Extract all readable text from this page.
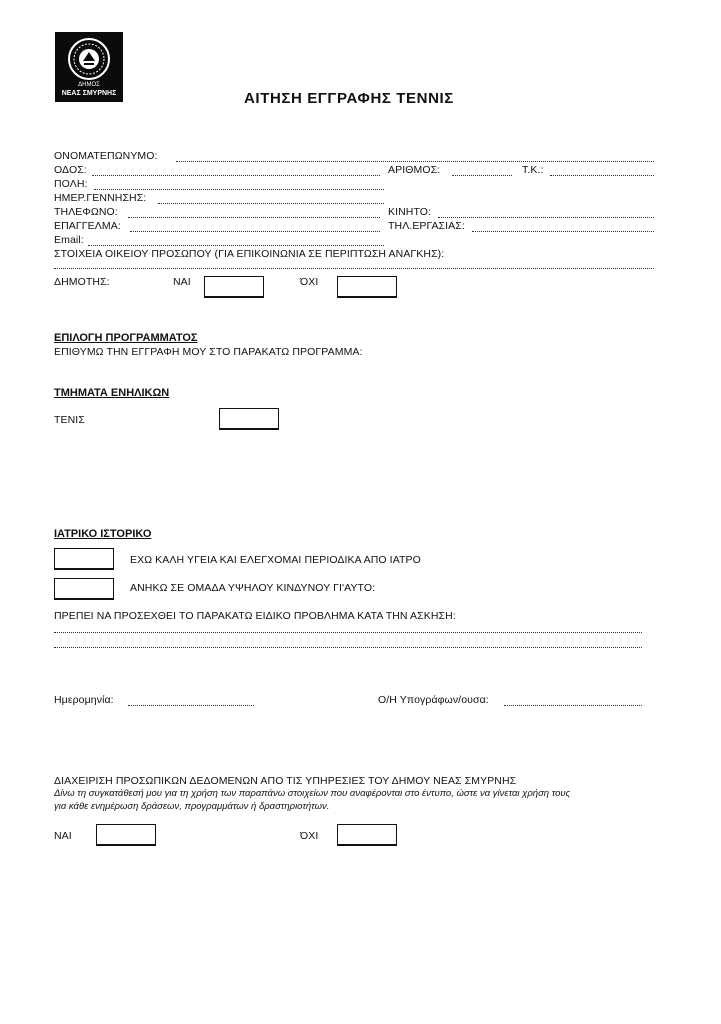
ΔΗΜΟΣ
ΝΕΑΣ ΣΜΥΡΝΗΣ	ΑΙΤΗΣΗ ΕΓΓΡΑΦΗΣ ΤΕΝΝΙΣ
ΟΝΟΜΑΤΕΠΩΝΥΜΟ:
ΟΔΟΣ:	ΑΡΙΘΜΟΣ:	Τ.Κ.:
ΠΟΛΗ:
ΗΜΕΡ.ΓΕΝΝΗΣΗΣ:
ΤΗΛΕΦΩΝΟ:	ΚΙΝΗΤΟ:
ΕΠΑΓΓΕΛΜΑ:	ΤΗΛ.ΕΡΓΑΣΙΑΣ:
Email:
ΣΤΟΙΧΕΙΑ ΟΙΚΕΙΟΥ ΠΡΟΣΩΠΟΥ (ΓΙΑ ΕΠΙΚΟΙΝΩΝΙΑ ΣΕ ΠΕΡΙΠΤΩΣΗ ΑΝΑΓΚΗΣ):
ΔΗΜΟΤΗΣ:	ΝΑΙ	ΌΧΙ
ΕΠΙΛΟΓΗ ΠΡΟΓΡΑΜΜΑΤΟΣ
ΕΠΙΘΥΜΩ ΤΗΝ ΕΓΓΡΑΦΗ ΜΟΥ ΣΤΟ ΠΑΡΑΚΑΤΩ ΠΡΟΓΡΑΜΜΑ:
ΤΜΗΜΑΤΑ ΕΝΗΛΙΚΩΝ
ΤΕΝΙΣ
ΙΑΤΡΙΚΟ ΙΣΤΟΡΙΚΟ
ΕΧΩ ΚΑΛΗ ΥΓΕΙΑ ΚΑΙ ΕΛΕΓΧΟΜΑΙ ΠΕΡΙΟΔΙΚΑ ΑΠΟ ΙΑΤΡΟ
ΑΝΗΚΩ ΣΕ ΟΜΑΔΑ ΥΨΗΛΟΥ ΚΙΝΔΥΝΟΥ ΓΙ'ΑΥΤΟ:
ΠΡΕΠΕΙ ΝΑ ΠΡΟΣΕΧΘΕΙ ΤΟ ΠΑΡΑΚΑΤΩ ΕΙΔΙΚΟ ΠΡΟΒΛΗΜΑ ΚΑΤΑ ΤΗΝ ΑΣΚΗΣΗ:
Ημερομηνία:	Ο/Η Υπογράφων/ουσα:
ΔΙΑΧΕΙΡΙΣΗ ΠΡΟΣΩΠΙΚΩΝ ΔΕΔΟΜΕΝΩΝ ΑΠΟ ΤΙΣ ΥΠΗΡΕΣΙΕΣ ΤΟΥ ΔΗΜΟΥ ΝΕΑΣ ΣΜΥΡΝΗΣ
Δίνω τη συγκατάθεσή μου για τη χρήση των παραπάνω στοιχείων που αναφέρονται στο έντυπο, ώστε να γίνεται χρήση τους
για κάθε ενημέρωση δράσεων, προγραμμάτων ή δραστηριοτήτων.
ΝΑΙ	ΌΧΙ
